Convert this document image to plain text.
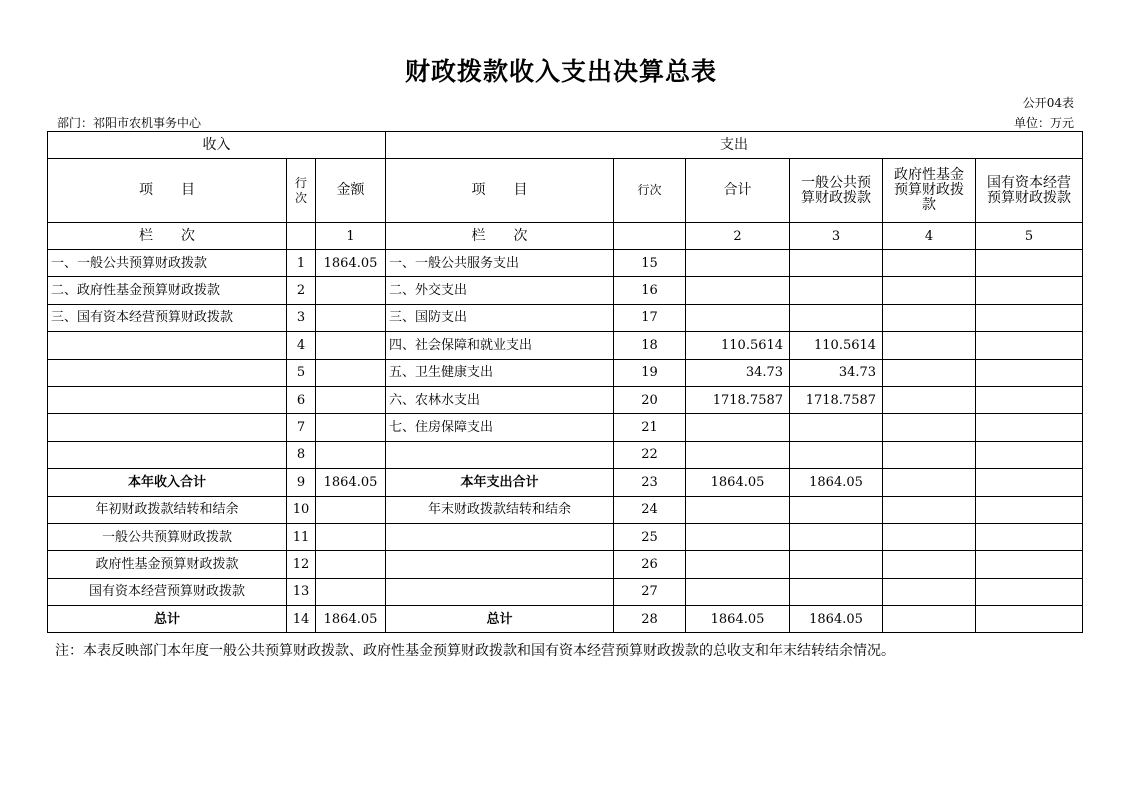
财政拨款收入支出决算总表
公开04表
部门：祁阳市农机事务中心	单位：万元
收入			支出					
项　　目	行 次	金额	项　　目	行次	合计	一般公共预算财政拨款	政府性基金预算财政拨款	国有资本经营预算财政拨款
栏　　次		1	栏　　次		2	3	4	5
一、一般公共预算财政拨款	1	1864.05	一、一般公共服务支出	15				
二、政府性基金预算财政拨款	2		二、外交支出	16				
三、国有资本经营预算财政拨款	3		三、国防支出	17				
	4		四、社会保障和就业支出	18	110.5614	110.5614		
	5		五、卫生健康支出	19	34.73	34.73		
	6		六、农林水支出	20	1718.7587	1718.7587		
	7		七、住房保障支出	21				
	8			22				
本年收入合计	9	1864.05	本年支出合计	23	1864.05	1864.05		
年初财政拨款结转和结余	10		年末财政拨款结转和结余	24				
一般公共预算财政拨款	11			25				
政府性基金预算财政拨款	12			26				
国有资本经营预算财政拨款	13			27				
总计	14	1864.05	总计	28	1864.05	1864.05		
注：本表反映部门本年度一般公共预算财政拨款、政府性基金预算财政拨款和国有资本经营预算财政拨款的总收支和年末结转结余情况。
